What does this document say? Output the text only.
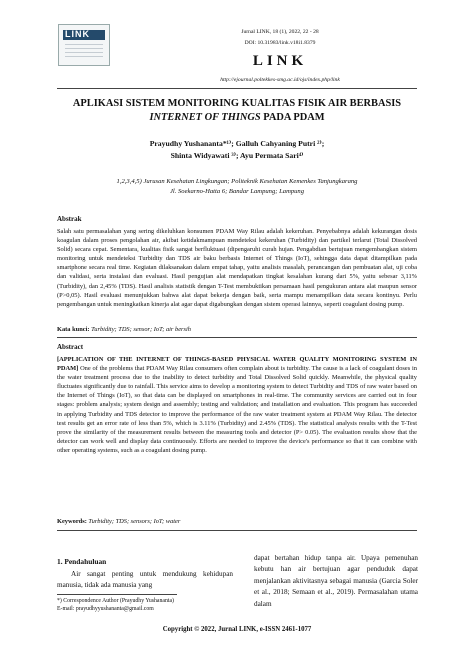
LINK	Jurnal LINK, 18 (1), 2022, 22 - 28
DOI: 10.31983/link.v18i1.8379
LINK
http://ejournal.poltekkes-smg.ac.id/ojs/index.php/link
APLIKASI SISTEM MONITORING KUALITAS FISIK AIR BERBASIS
INTERNET OF THINGS PADA PDAM
Prayudhy Yushananta*¹⁾; Galluh Cahyaning Putri ²⁾;
Shinta Widyawati ³⁾; Ayu Permata Sari⁴⁾
1,2,3,4,5) Jurusan Kesehatan Lingkungan; Politeknik Kesehatan Kemenkes Tanjungkarang
Jl. Soekarno-Hatta 6; Bandar Lampung; Lampung
Abstrak
Salah satu permasalahan yang sering dikeluhkan konsumen PDAM Way Rilau adalah kekeruhan. Penyebabnya adalah kekurangan dosis koagulan dalam proses pengolahan air, akibat ketidakmampuan mendeteksi kekeruhan (Turbidity) dan partikel terlarut (Total Dissolved Solid) secara cepat. Sementara, kualitas fisik sangat berfluktuasi (dipengaruhi curah hujan. Pengabdian bertujuan mengembangkan sistem monitoring untuk mendeteksi Turbidity dan TDS air baku berbasis Internet of Things (IoT), sehingga data dapat ditampilkan pada smartphone secara real time. Kegiatan dilaksanakan dalam empat tahap, yaitu analisis masalah, perancangan dan pembuatan alat, uji coba dan validasi, serta instalasi dan evaluasi. Hasil pengujian alat mendapatkan tingkat kesalahan kurang dari 5%, yaitu sebesar 3,11% (Turbidity), dan 2,45% (TDS). Hasil analisis statistik dengan T-Test membuktikan persamaan hasil pengukuran antara alat maupun sensor (P>0,05). Hasil evaluasi menunjukkan bahwa alat dapat bekerja dengan baik, serta mampu menampilkan data secara kontinyu. Perlu pengembangan untuk meningkatkan kinerja alat agar dapat digabungkan dengan sistem operasi lainnya, seperti coagulant dosing pump.
Kata kunci: Turbidity; TDS; sensor; IoT; air bersih
Abstract
[APPLICATION OF THE INTERNET OF THINGS-BASED PHYSICAL WATER QUALITY MONITORING SYSTEM IN PDAM] One of the problems that PDAM Way Rilau consumers often complain about is turbidity. The cause is a lack of coagulant doses in the water treatment process due to the inability to detect turbidity and Total Dissolved Solid quickly. Meanwhile, the physical quality fluctuates significantly due to rainfall. This service aims to develop a monitoring system to detect Turbidity and TDS of raw water based on the Internet of Things (IoT), so that data can be displayed on smartphones in real-time. The community services are carried out in four stages: problem analysis; system design and assembly; testing and validation; and installation and evaluation. This program has succeeded in applying Turbidity and TDS detector to improve the performance of the raw water treatment system at PDAM Way Rilau. The detector test results get an error rate of less than 5%, which is 3.11% (Turbidity) and 2.45% (TDS). The statistical analysis results with the T-Test prove the similarity of the measurement results between the measuring tools and detector (P> 0.05). The evaluation results show that the detector can work well and display data continuously. Efforts are needed to improve the device's performance so that it can combine with other operating systems, such as a coagulant dosing pump.
Keywords: Turbidity; TDS; sensors; IoT; water
1. Pendahuluan
Air sangat penting untuk mendukung kehidupan manusia, tidak ada manusia yang
dapat bertahan hidup tanpa air. Upaya pemenuhan kebutu han air bertujuan agar penduduk dapat menjalankan aktivitasnya sebagai manusia (Garcia Soler et al., 2018; Semaan et al., 2019). Permasalahan utama dalam
*) Correspondence Author (Prayudhy Yushananta)
E-mail: prayudhyyushananta@gmail.com
Copyright © 2022, Jurnal LINK, e-ISSN 2461-1077
